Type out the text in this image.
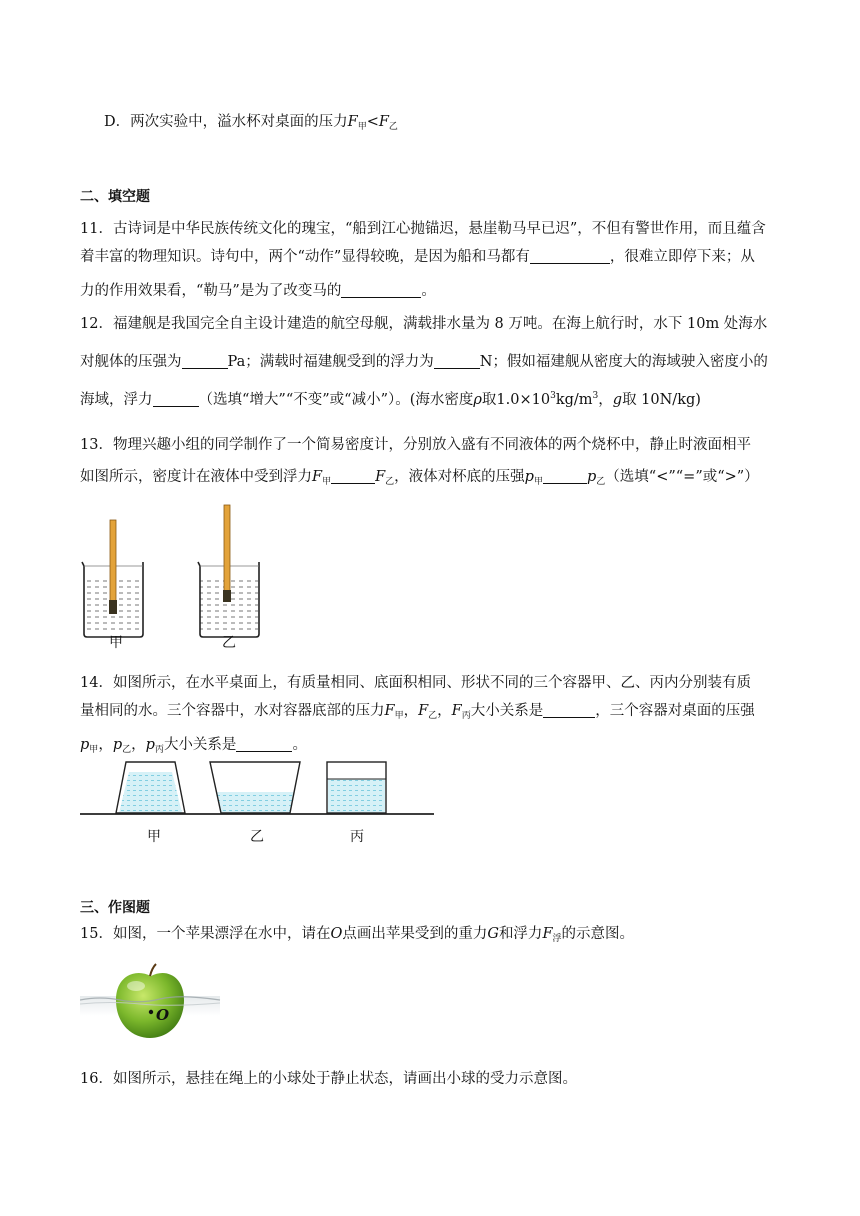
D．两次实验中，溢水杯对桌面的压力$F_甲<F_乙$
二、填空题
11．古诗词是中华民族传统文化的瑰宝，“船到江心抛锚迟，悬崖勒马早已迟”，不但有警世作用，而且蕴含
着丰富的物理知识。诗句中，两个“动作”显得较晚，是因为船和马都有	，很难立即停下来；从
力的作用效果看，“勒马”是为了改变马的	。
12．福建舰是我国完全自主设计建造的航空母舰，满载排水量为 8 万吨。在海上航行时，水下 10m 处海水
对舰体的压强为	Pa；满载时福建舰受到的浮力为	N；假如福建舰从密度大的海域驶入密度小的
海域，浮力	（选填“增大”“不变”或“减小”）。(海水密度ρ取$1.0\times 10^3kg/m^3$，g取 10N/kg)
13．物理兴趣小组的同学制作了一个简易密度计，分别放入盛有不同液体的两个烧杯中，静止时液面相平
如图所示，密度计在液体中受到浮力$F_甲$	$F_乙$，液体对杯底的压强$p_甲$	$p_乙$（选填“<”“=”或“>”）
甲	乙
14．如图所示，在水平桌面上，有质量相同、底面积相同、形状不同的三个容器甲、乙、丙内分别装有质
量相同的水。三个容器中，水对容器底部的压力$F_甲$，$F_乙$，$F_丙$大小关系是	，三个容器对桌面的压强
$p_甲$，$p_乙$，$p_丙$大小关系是	。
甲	乙	丙
三、作图题
15．如图，一个苹果漂浮在水中，请在O点画出苹果受到的重力G和浮力$F_浮$的示意图。
O
16．如图所示，悬挂在绳上的小球处于静止状态，请画出小球的受力示意图。
